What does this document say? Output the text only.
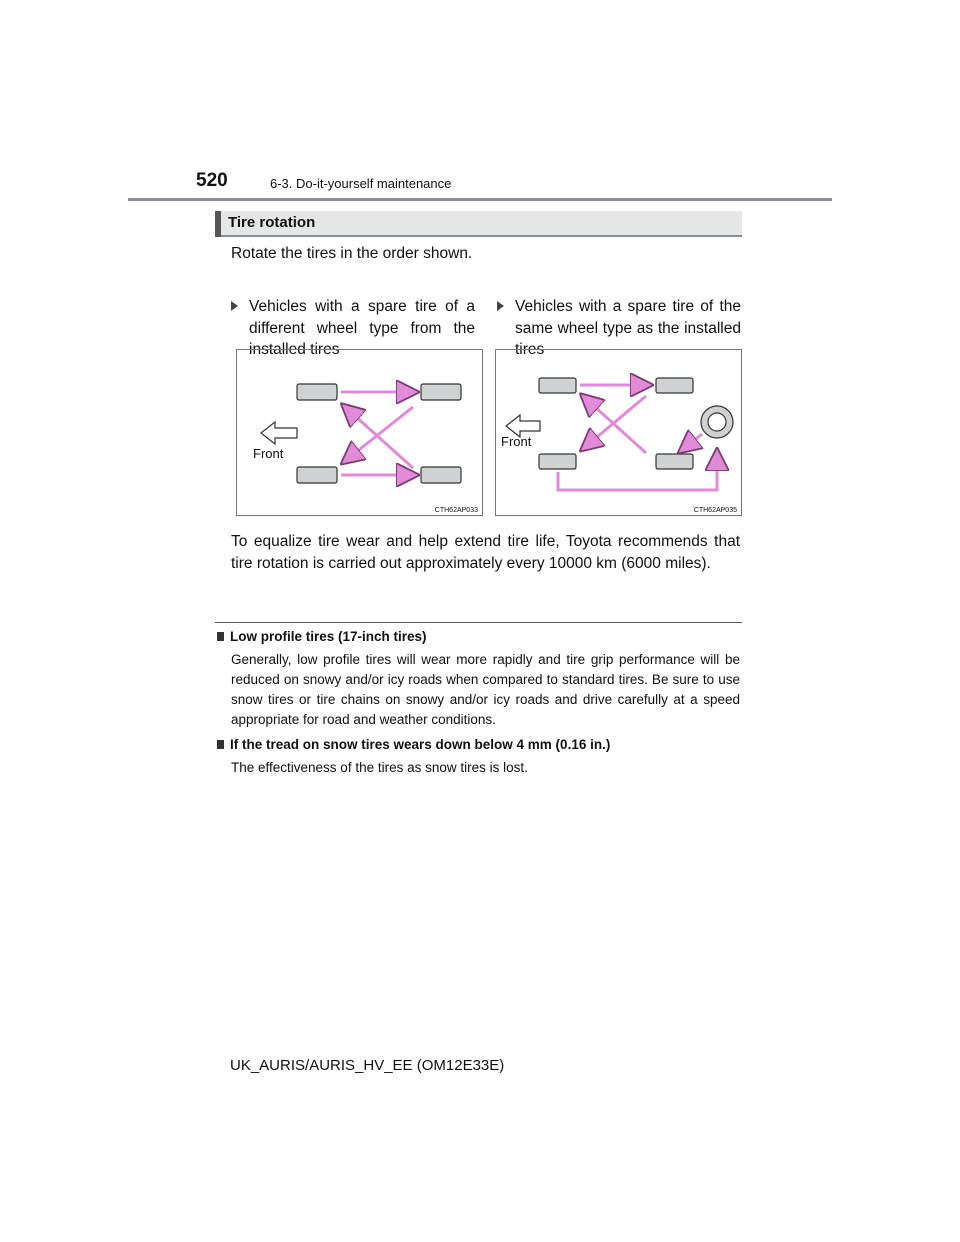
520	6-3. Do-it-yourself maintenance
Tire rotation
Rotate the tires in the order shown.
Vehicles with a spare tire of a different wheel type from the installed tires
Vehicles with a spare tire of the same wheel type as the installed tires
Front
CTH62AP033
Front
CTH62AP035
To equalize tire wear and help extend tire life, Toyota recommends that tire rotation is carried out approximately every 10000 km (6000 miles).
Low profile tires (17-inch tires)
Generally, low profile tires will wear more rapidly and tire grip performance will be reduced on snowy and/or icy roads when compared to standard tires. Be sure to use snow tires or tire chains on snowy and/or icy roads and drive carefully at a speed appropriate for road and weather conditions.
If the tread on snow tires wears down below 4 mm (0.16 in.)
The effectiveness of the tires as snow tires is lost.
UK_AURIS/AURIS_HV_EE (OM12E33E)
